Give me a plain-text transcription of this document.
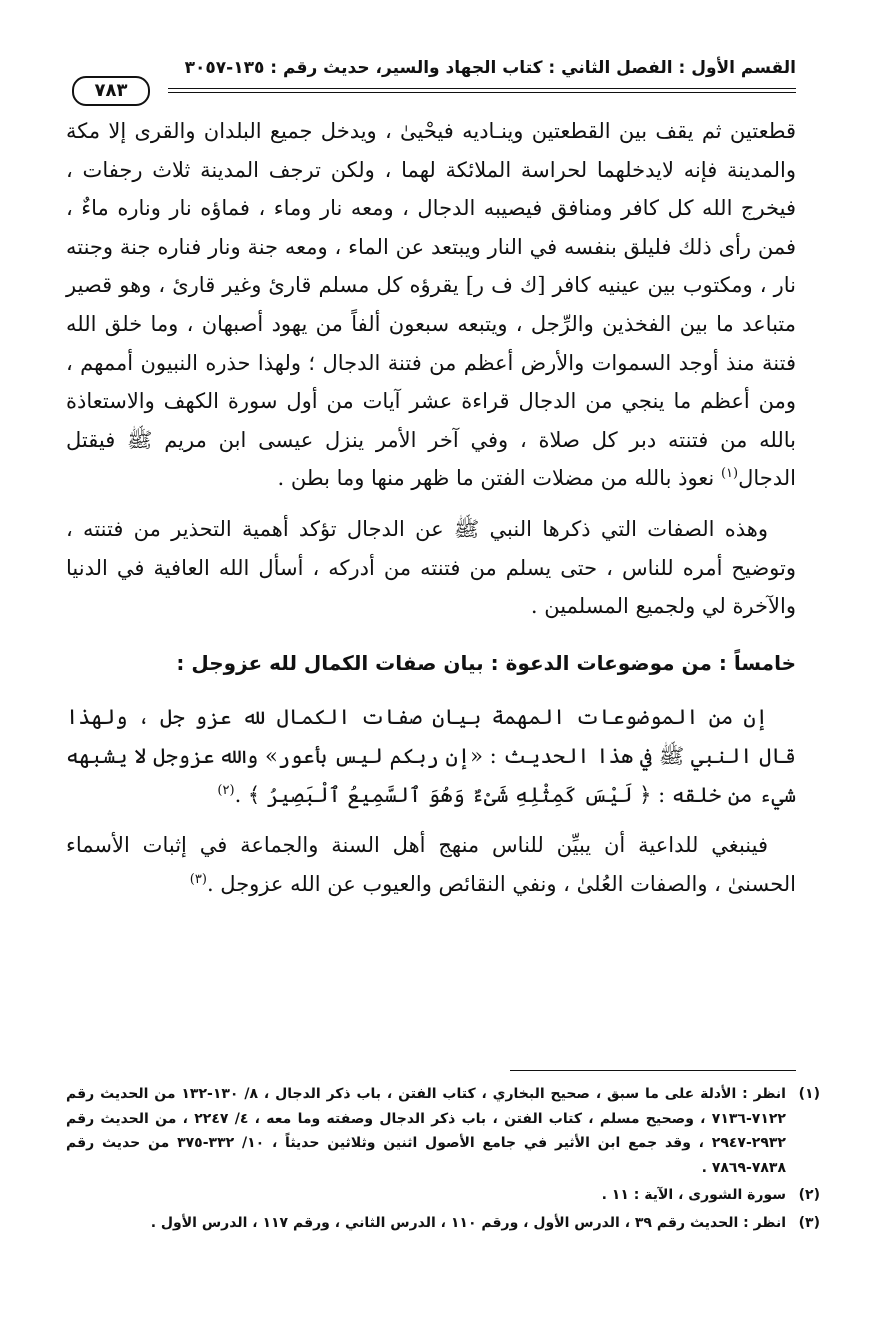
القسم الأول : الفصل الثاني : كتاب الجهاد والسير، حديث رقم : ١٣٥-٣٠٥٧
٧٨٣

قطعتين ثم يقف بين القطعتين وينـاديه فيحْيىٰ ، ويدخل جميع البلدان والقرى إلا مكة والمدينة فإنه لايدخلهما لحراسة الملائكة لهما ، ولكن ترجف المدينة ثلاث رجفات ، فيخرج الله كل كافر ومنافق فيصيبه الدجال ، ومعه نار وماء ، فماؤه نار وناره ماءٌ ، فمن رأى ذلك فليلق بنفسه في النار ويبتعد عن الماء ، ومعه جنة ونار فناره جنة وجنته نار ، ومكتوب بين عينيه كافر [ك ف ر] يقرؤه كل مسلم قارئ وغير قارئ ، وهو قصير متباعد ما بين الفخذين والرِّجل ، ويتبعه سبعون ألفاً من يهود أصبهان ، وما خلق الله فتنة منذ أوجد السموات والأرض أعظم من فتنة الدجال ؛ ولهذا حذره النبيون أممهم ، ومن أعظم ما ينجي من الدجال قراءة عشر آيات من أول سورة الكهف والاستعاذة بالله من فتنته دبر كل صلاة ، وفي آخر الأمر ينزل عيسى ابن مريم ﷺ فيقتل الدجال$^{(١)}$ نعوذ بالله من مضلات الفتن ما ظهر منها وما بطن .

وهذه الصفات التي ذكرها النبي ﷺ عن الدجال تؤكد أهمية التحذير من فتنته ، وتوضيح أمره للناس ، حتى يسلم من فتنته من أدركه ، أسأل الله العافية في الدنيا والآخرة لي ولجميع المسلمين .

خامساً : من موضوعات الدعوة : بيان صفات الكمال لله عزوجل :

إن من الموضوعات المهمة بيان صفات الكمال لله عزو جل ، ولهذا قال النبي ﷺ في هذا الحديث : «إن ربكم ليس بأعور» والله عزوجل لا يشبهه شيء من خلقه : ﴿ لَيْسَ كَمِثْلِهِ شَىْءٌ وَهُوَ ٱلسَّمِيعُ ٱلْبَصِيرُ ﴾ .$^{(٢)}$

فينبغي للداعية أن يبيِّن للناس منهج أهل السنة والجماعة في إثبات الأسماء الحسنىٰ ، والصفات العُلىٰ ، ونفي النقائص والعيوب عن الله عزوجل .$^{(٣)}$

(١)
انظر : الأدلة على ما سبق ، صحيح البخاري ، كتاب الفتن ، باب ذكر الدجال ، ٨/ ١٣٠-١٣٢ من الحديث رقم ٧١٢٢-٧١٣٦ ، وصحيح مسلم ، كتاب الفتن ، باب ذكر الدجال وصفته وما معه ، ٤/ ٢٢٤٧ ، من الحديث رقم ٢٩٣٢-٢٩٤٧ ، وقد جمع ابن الأثير في جامع الأصول اثنين وثلاثين حديثاً ، ١٠/ ٣٣٢-٣٧٥ من حديث رقم ٧٨٣٨-٧٨٦٩ .

(٢)
سورة الشورى ، الآية : ١١ .

(٣)
انظر : الحديث رقم ٣٩ ، الدرس الأول ، ورقم ١١٠ ، الدرس الثاني ، ورقم ١١٧ ، الدرس الأول .
